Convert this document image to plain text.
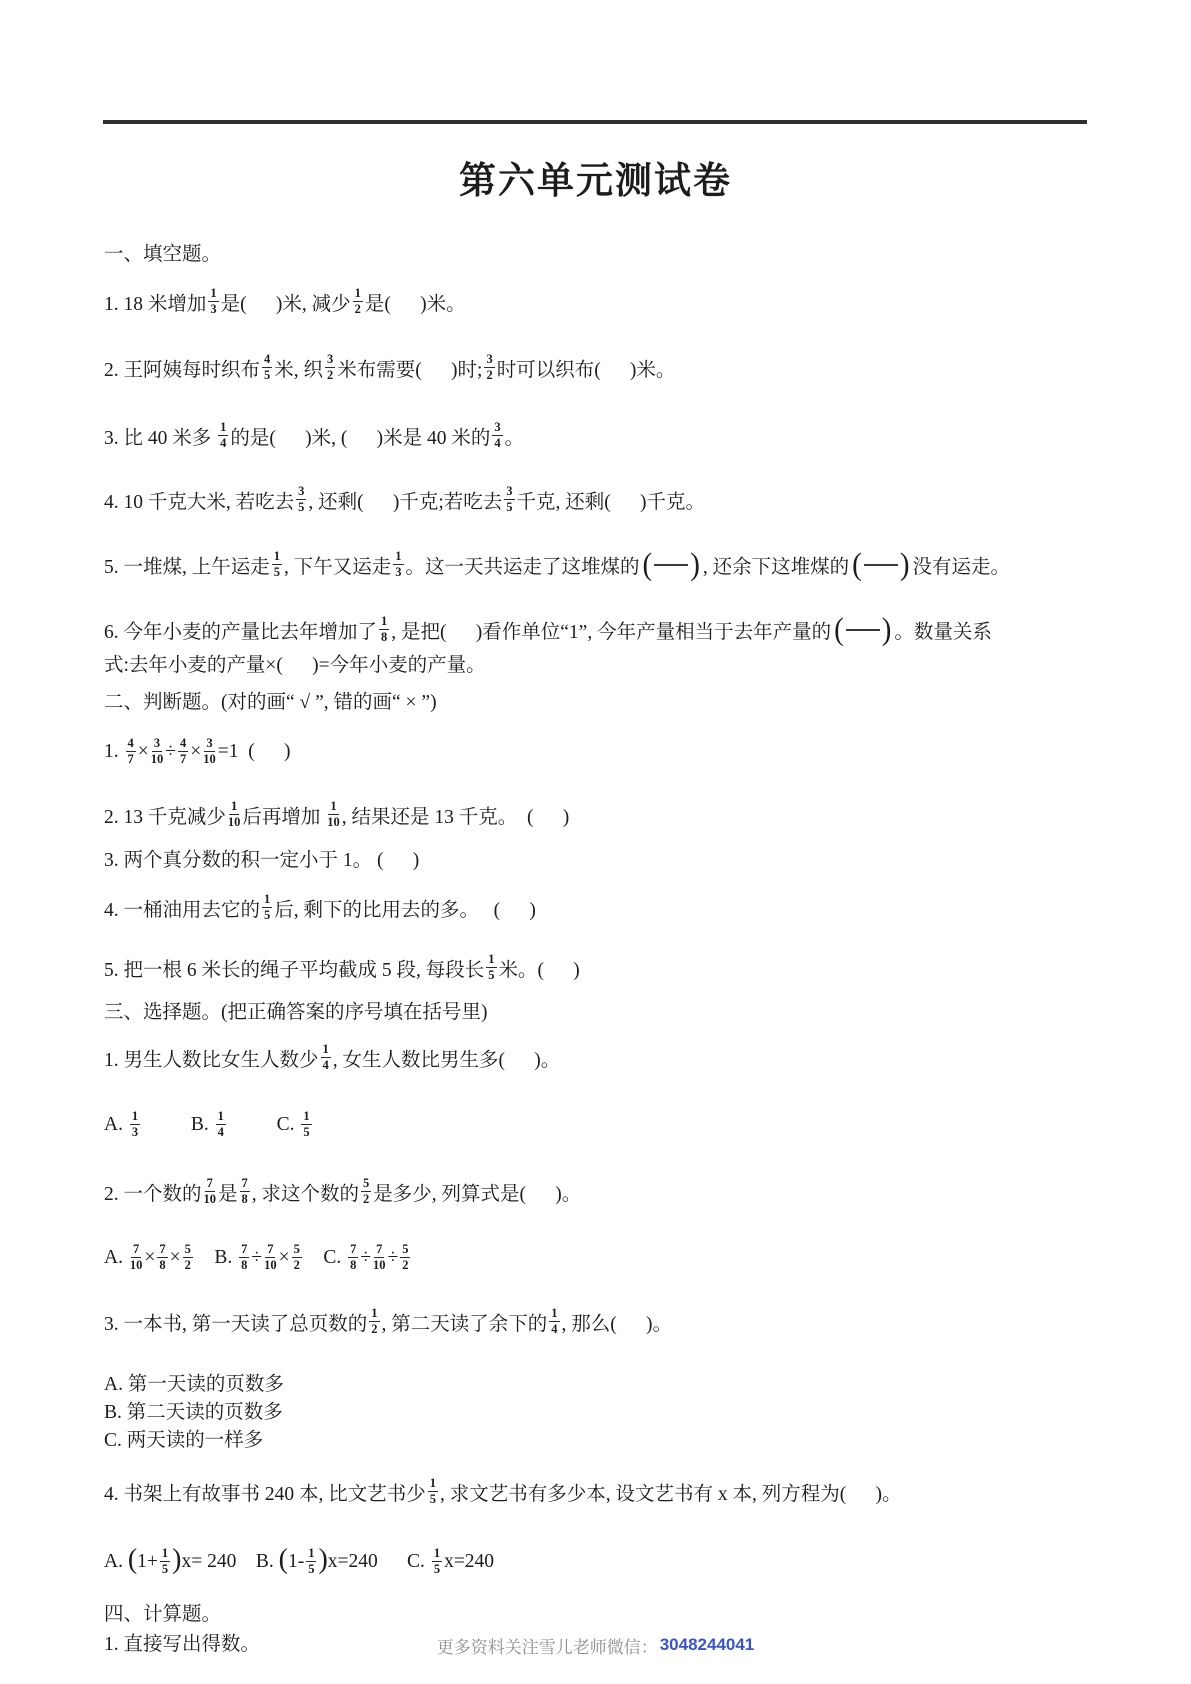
第六单元测试卷
一、填空题。
1. 18 米增加 $\frac{1}{3}$ 是(      )米, 减少 $\frac{1}{2}$ 是(      )米。
2. 王阿姨每时织布 $\frac{4}{5}$ 米, 织 $\frac{3}{2}$ 米布需要(      )时; $\frac{3}{2}$ 时可以织布(      )米。
3. 比 40 米多 $\frac{1}{4}$ 的是(      )米, (      )米是 40 米的 $\frac{3}{4}$ 。
4. 10 千克大米, 若吃去 $\frac{3}{5}$ , 还剩(      )千克;若吃去 $\frac{3}{5}$ 千克, 还剩(      )千克。
5. 一堆煤, 上午运走 $\frac{1}{5}$ , 下午又运走 $\frac{1}{3}$ 。这一天共运走了这堆煤的 ( ) , 还余下这堆煤的 ( ) 没有运走。
6. 今年小麦的产量比去年增加了 $\frac{1}{8}$ , 是把(      )看作单位“1”, 今年产量相当于去年产量的 ( ) 。数量关系
式:去年小麦的产量×(      )=今年小麦的产量。
二、判断题。(对的画“ √ ”, 错的画“ × ”)
1. $\frac{4}{7} \times \frac{3}{10} \div \frac{4}{7} \times \frac{3}{10} =1$  (      )
2. 13 千克减少 $\frac{1}{10}$ 后再增加 $\frac{1}{10}$ , 结果还是 13 千克。  (      )
3. 两个真分数的积一定小于 1。 (      )
4. 一桶油用去它的 $\frac{1}{5}$ 后, 剩下的比用去的多。   (      )
5. 把一根 6 米长的绳子平均截成 5 段, 每段长 $\frac{1}{5}$ 米。(      )
三、选择题。(把正确答案的序号填在括号里)
1. 男生人数比女生人数少 $\frac{1}{4}$ , 女生人数比男生多(      )。
A. $\frac{1}{3} B$. $\frac{1}{4} C$. $\frac{1}{5}$
2. 一个数的 $\frac{7}{10}$ 是 $\frac{7}{8}$ , 求这个数的 $\frac{5}{2}$ 是多少, 列算式是(      )。
A. $\frac{7}{10} \times \frac{7}{8} \times \frac{5}{2} B$. $\frac{7}{8} \div \frac{7}{10} \times \frac{5}{2} C$. $\frac{7}{8} \div \frac{7}{10} \div \frac{5}{2}$
3. 一本书, 第一天读了总页数的 $\frac{1}{2}$ , 第二天读了余下的 $\frac{1}{4}$ , 那么(      )。
A. 第一天读的页数多
B. 第二天读的页数多
C. 两天读的一样多
4. 书架上有故事书 240 本, 比文艺书少 $\frac{1}{5}$ , 求文艺书有多少本, 设文艺书有 x 本, 列方程为(      )。
A. ( $1+ \frac{1}{5}$ ) x= 240    B. ( $1- \frac{1}{5}$ ) x=240      C. $\frac{1}{5} x=240$
四、计算题。
1. 直接写出得数。	更多资料关注雪儿老师微信： 3048244041
